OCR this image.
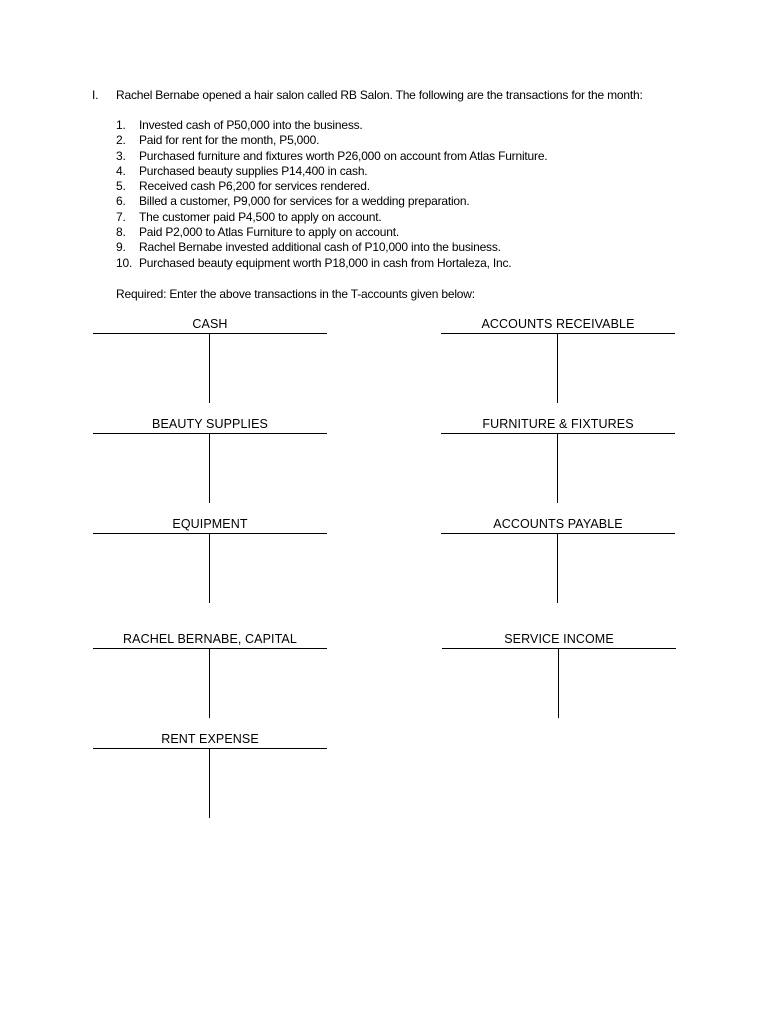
I. Rachel Bernabe opened a hair salon called RB Salon. The following are the transactions for the month:
1. Invested cash of P50,000 into the business.
2. Paid for rent for the month, P5,000.
3. Purchased furniture and fixtures worth P26,000 on account from Atlas Furniture.
4. Purchased beauty supplies P14,400 in cash.
5. Received cash P6,200 for services rendered.
6. Billed a customer, P9,000 for services for a wedding preparation.
7. The customer paid P4,500 to apply on account.
8. Paid P2,000 to Atlas Furniture to apply on account.
9. Rachel Bernabe invested additional cash of P10,000 into the business.
10. Purchased beauty equipment worth P18,000 in cash from Hortaleza, Inc.
Required: Enter the above transactions in the T-accounts given below:
CASH
BEAUTY SUPPLIES
EQUIPMENT
RACHEL BERNABE, CAPITAL
RENT EXPENSE
ACCOUNTS RECEIVABLE
FURNITURE & FIXTURES
ACCOUNTS PAYABLE
SERVICE INCOME
